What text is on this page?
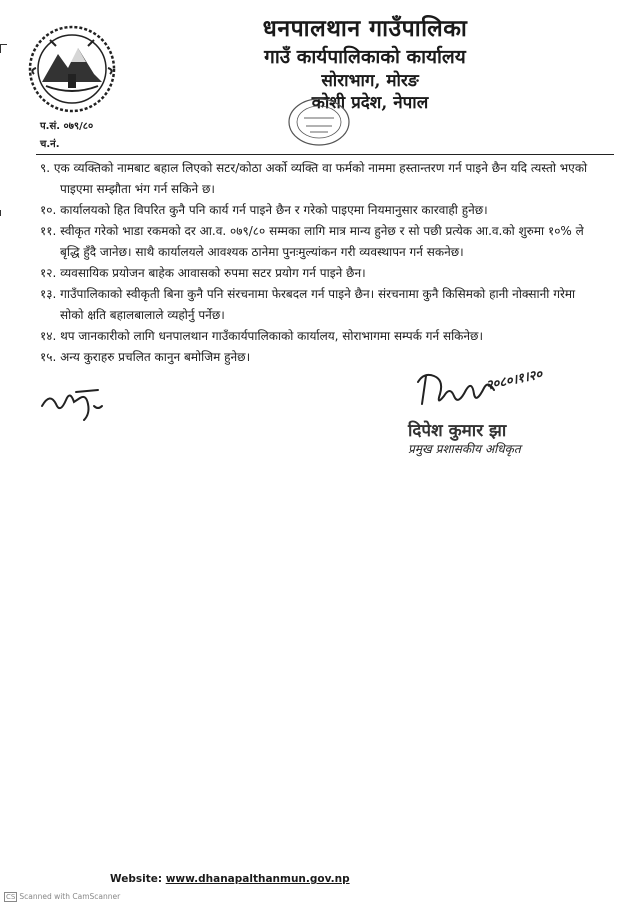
धनपालथान गाउँपालिका
गाउँ कार्यपालिकाको कार्यालय
सोराभाग, मोरङ
कोशी प्रदेश, नेपाल
प.सं. ०७९/८०
च.नं.

९. एक व्यक्तिको नामबाट बहाल लिएको सटर/कोठा अर्को व्यक्ति वा फर्मको नाममा हस्तान्तरण गर्न पाइने छैन यदि त्यस्तो भएको पाइएमा सम्झौता भंग गर्न सकिने छ।

१०. कार्यालयको हित विपरित कुनै पनि कार्य गर्न पाइने छैन र गरेको पाइएमा नियमानुसार कारवाही हुनेछ।

११. स्वीकृत गरेको भाडा रकमको दर आ.व. ०७९/८० सम्मका लागि मात्र मान्य हुनेछ र सो पछी प्रत्येक आ.व.को शुरुमा १०% ले बृद्धि हुँदै जानेछ। साथै कार्यालयले आवश्यक ठानेमा पुनःमुल्यांकन गरी व्यवस्थापन गर्न सकनेछ।

१२. व्यवसायिक प्रयोजन बाहेक आवासको रुपमा सटर प्रयोग गर्न पाइने छैन।

१३. गाउँपालिकाको स्वीकृती बिना कुनै पनि संरचनामा फेरबदल गर्न पाइने छैन। संरचनामा कुनै किसिमको हानी नोक्सानी गरेमा सोको क्षति बहालबालाले व्यहोर्नु पर्नेछ।

१४. थप जानकारीको लागि धनपालथान गाउँकार्यपालिकाको कार्यालय, सोराभागमा सम्पर्क गर्न सकिनेछ।

१५. अन्य कुराहरु प्रचलित कानुन बमोजिम हुनेछ।

२०८०।१।२०
दिपेश कुमार झा
प्रमुख प्रशासकीय अधिकृत
Website: www.dhanapalthanmun.gov.np
CS Scanned with CamScanner
